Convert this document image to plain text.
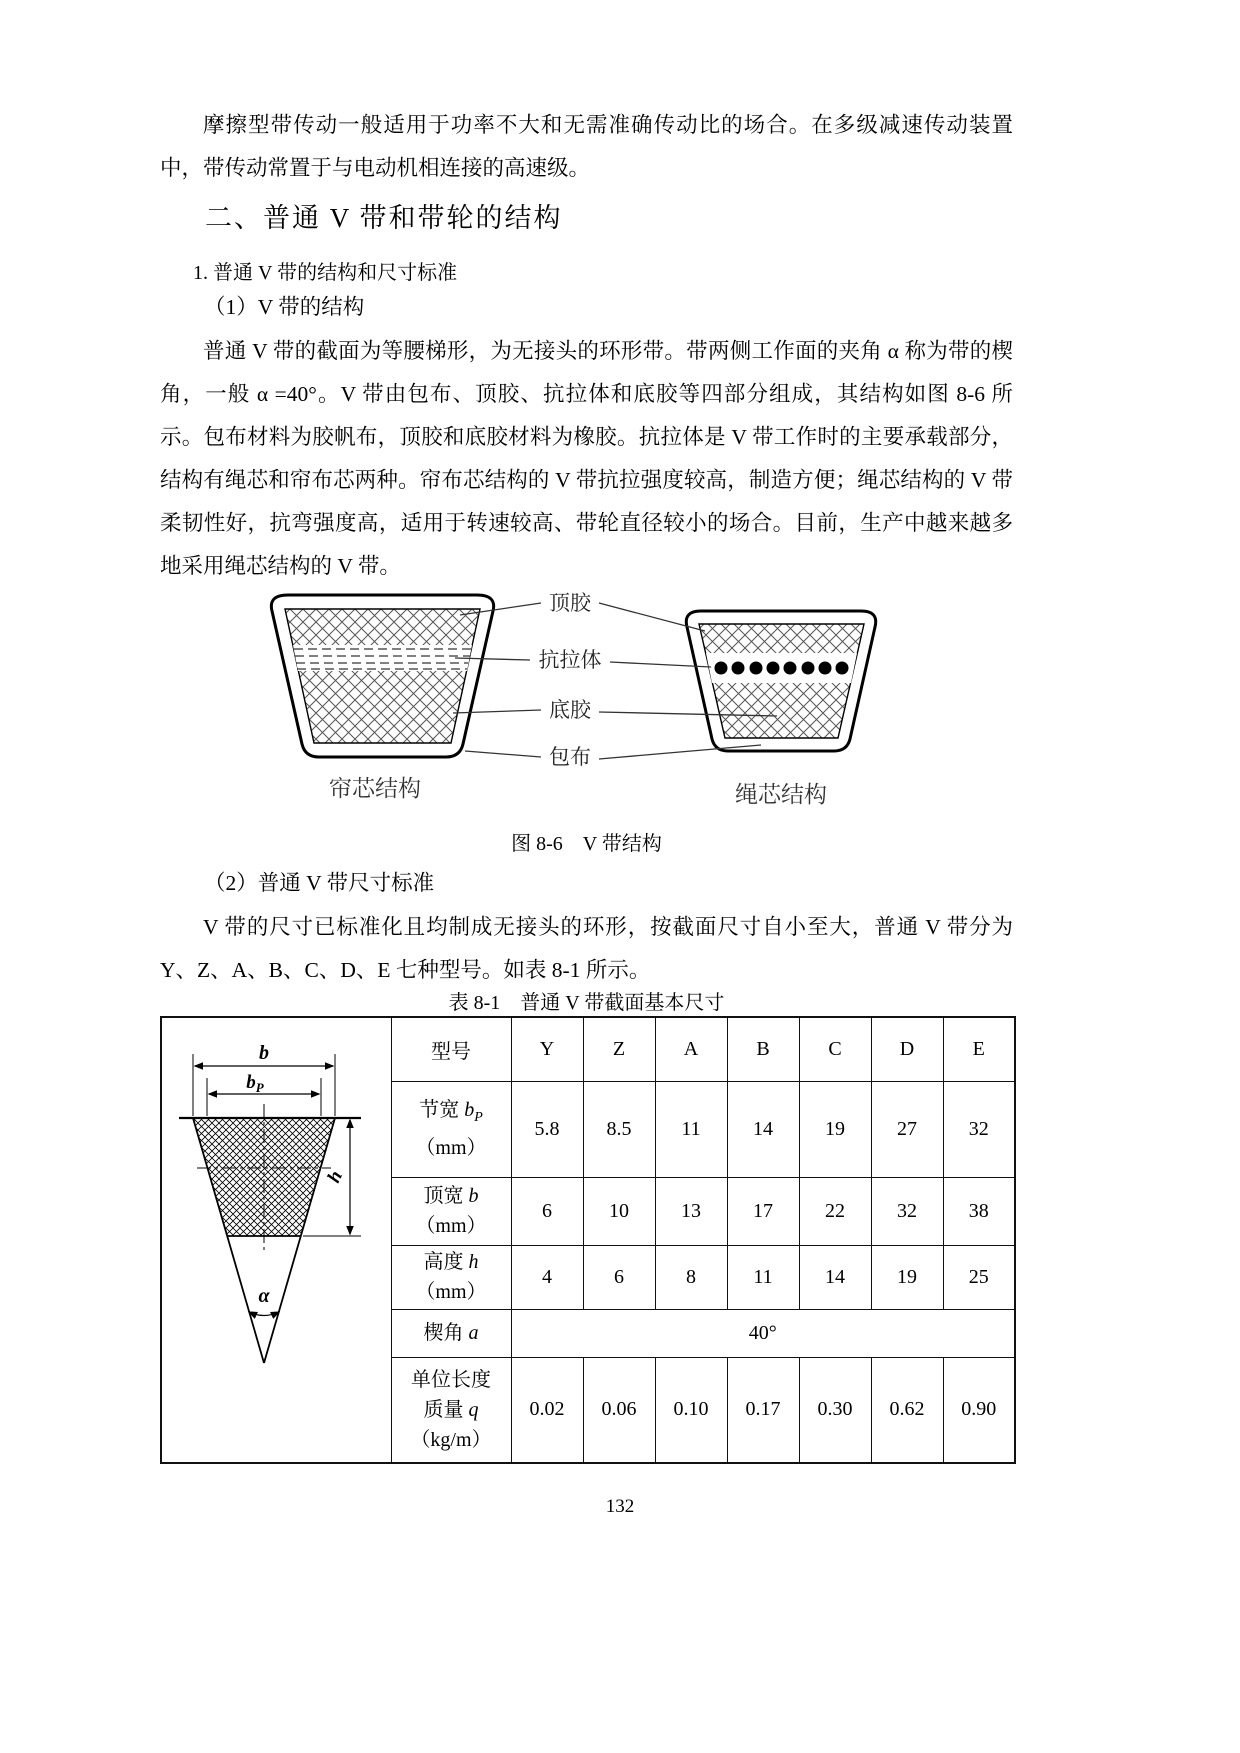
摩擦型带传动一般适用于功率不大和无需准确传动比的场合。在多级减速传动装置中，带传动常置于与电动机相连接的高速级。
二、普通 V 带和带轮的结构
1. 普通 V 带的结构和尺寸标准
（1）V 带的结构
普通 V 带的截面为等腰梯形，为无接头的环形带。带两侧工作面的夹角 α 称为带的楔角，一般 α =40°。V 带由包布、顶胶、抗拉体和底胶等四部分组成，其结构如图 8-6 所示。包布材料为胶帆布，顶胶和底胶材料为橡胶。抗拉体是 V 带工作时的主要承载部分，结构有绳芯和帘布芯两种。帘布芯结构的 V 带抗拉强度较高，制造方便；绳芯结构的 V 带柔韧性好，抗弯强度高，适用于转速较高、带轮直径较小的场合。目前，生产中越来越多地采用绳芯结构的 V 带。
顶胶
抗拉体
底胶
包布
帘芯结构	绳芯结构
图 8-6　V 带结构
（2）普通 V 带尺寸标准
V 带的尺寸已标准化且均制成无接头的环形，按截面尺寸自小至大，普通 V 带分为 Y、Z、A、B、C、D、E 七种型号。如表 8-1 所示。
表 8-1　普通 V 带截面基本尺寸
b
$b_P$
h
α	型号	Y	Z	A	B	C	D	E

	节宽 $b_P$
（mm）	5.8	8.5	11	14	19	27	32

	顶宽 b
（mm）	6	10	13	17	22	32	38

	高度 h
（mm）	4	6	8	11	14	19	25

	楔角 a	40°						

	单位长度
质量 q
（kg/m）	0.02	0.06	0.10	0.17	0.30	0.62	0.90
132
